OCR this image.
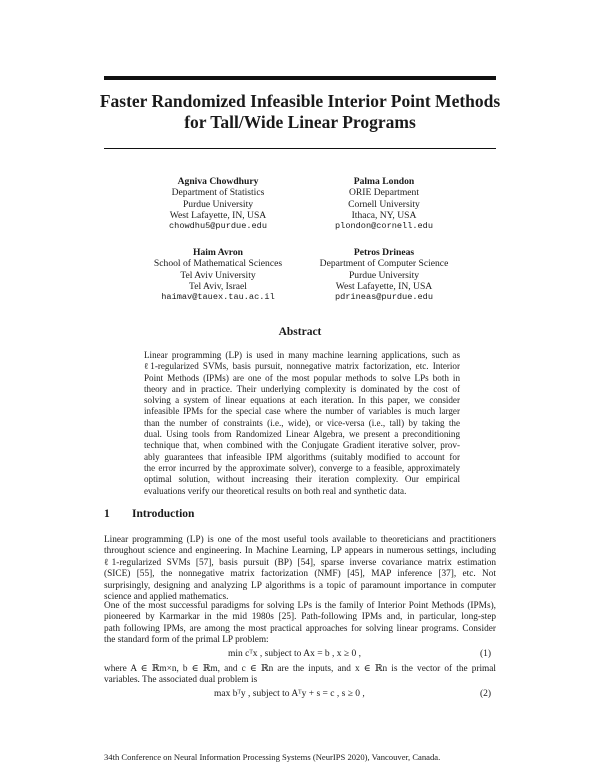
Faster Randomized Infeasible Interior Point Methods
for Tall/Wide Linear Programs
Agniva Chowdhury
Department of Statistics
Purdue University
West Lafayette, IN, USA
chowdhu5@purdue.edu
Palma London
ORIE Department
Cornell University
Ithaca, NY, USA
plondon@cornell.edu
Haim Avron
School of Mathematical Sciences
Tel Aviv University
Tel Aviv, Israel
haimav@tauex.tau.ac.il
Petros Drineas
Department of Computer Science
Purdue University
West Lafayette, IN, USA
pdrineas@purdue.edu
Abstract
Linear programming (LP) is used in many machine learning applications, such as
ℓ1-regularized SVMs, basis pursuit, nonnegative matrix factorization, etc. Interior
Point Methods (IPMs) are one of the most popular methods to solve LPs both in
theory and in practice. Their underlying complexity is dominated by the cost of
solving a system of linear equations at each iteration. In this paper, we consider
infeasible IPMs for the special case where the number of variables is much larger
than the number of constraints (i.e., wide), or vice-versa (i.e., tall) by taking the
dual. Using tools from Randomized Linear Algebra, we present a preconditioning
technique that, when combined with the Conjugate Gradient iterative solver, prov-
ably guarantees that infeasible IPM algorithms (suitably modified to account for
the error incurred by the approximate solver), converge to a feasible, approximately
optimal solution, without increasing their iteration complexity. Our empirical
evaluations verify our theoretical results on both real and synthetic data.
1 Introduction
Linear programming (LP) is one of the most useful tools available to theoreticians and practitioners
throughout science and engineering. In Machine Learning, LP appears in numerous settings, including
ℓ1-regularized SVMs [57], basis pursuit (BP) [54], sparse inverse covariance matrix estimation
(SICE) [55], the nonnegative matrix factorization (NMF) [45], MAP inference [37], etc. Not
surprisingly, designing and analyzing LP algorithms is a topic of paramount importance in computer
science and applied mathematics.
One of the most successful paradigms for solving LPs is the family of Interior Point Methods (IPMs),
pioneered by Karmarkar in the mid 1980s [25]. Path-following IPMs and, in particular, long-step
path following IPMs, are among the most practical approaches for solving linear programs. Consider
the standard form of the primal LP problem:
min cᵀx , subject to Ax = b , x ≥ 0 ,	(1)
where A ∈ ℝm×n, b ∈ ℝm, and c ∈ ℝn are the inputs, and x ∈ ℝn is the vector of the primal
variables. The associated dual problem is
max bᵀy , subject to Aᵀy + s = c , s ≥ 0 ,	(2)
34th Conference on Neural Information Processing Systems (NeurIPS 2020), Vancouver, Canada.
